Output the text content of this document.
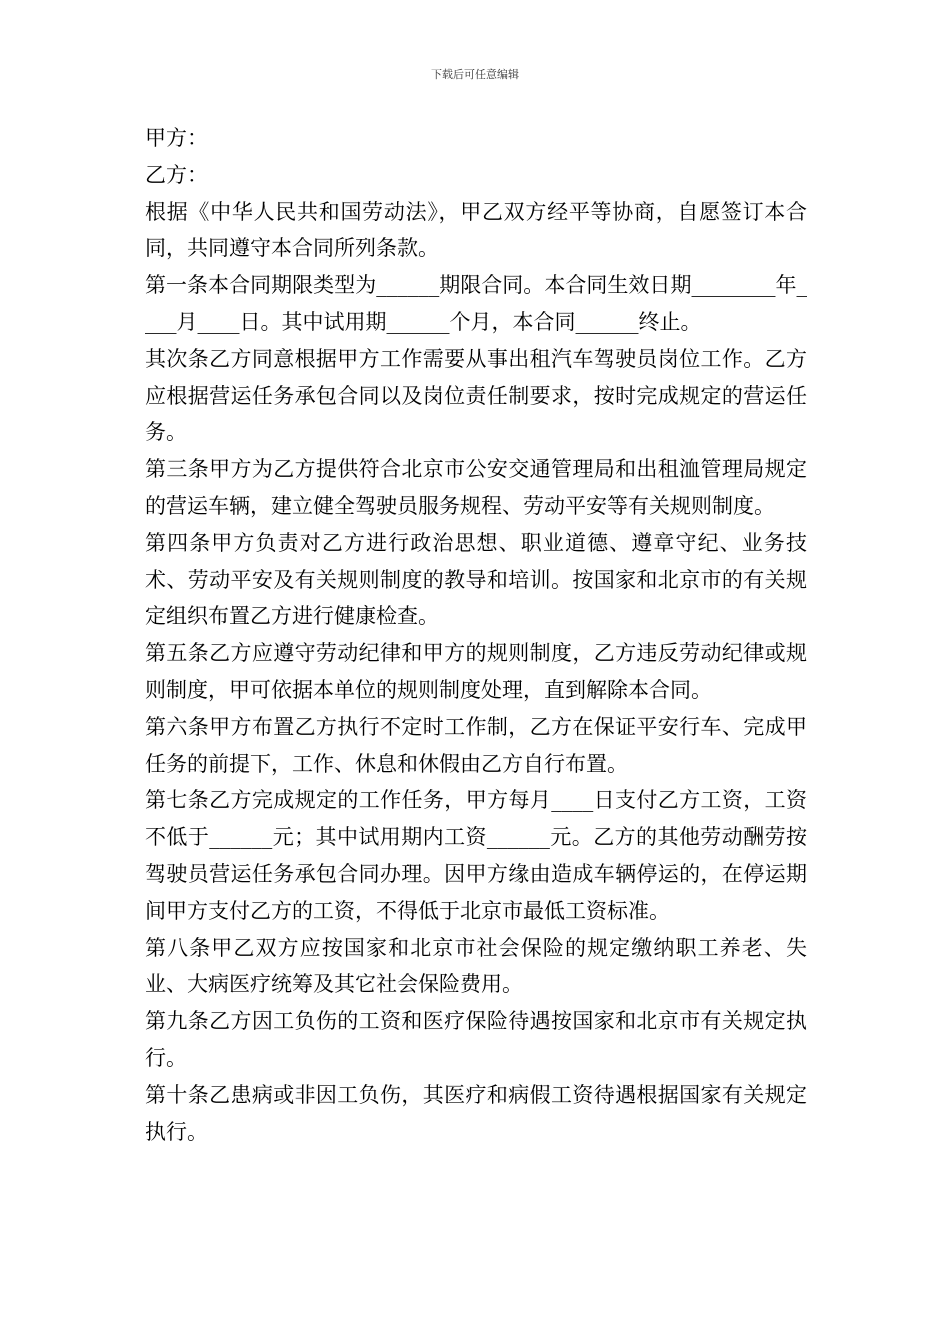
下载后可任意编辑

甲方：

乙方：

根据《中华人民共和国劳动法》，甲乙双方经平等协商，自愿签订本合同，共同遵守本合同所列条款。

第一条本合同期限类型为______期限合同。本合同生效日期________年____月____日。其中试用期______个月，本合同______终止。

其次条乙方同意根据甲方工作需要从事出租汽车驾驶员岗位工作。乙方应根据营运任务承包合同以及岗位责任制要求，按时完成规定的营运任务。

第三条甲方为乙方提供符合北京市公安交通管理局和出租洫管理局规定的营运车辆，建立健全驾驶员服务规程、劳动平安等有关规则制度。

第四条甲方负责对乙方进行政治思想、职业道德、遵章守纪、业务技术、劳动平安及有关规则制度的教导和培训。按国家和北京市的有关规定组织布置乙方进行健康检查。

第五条乙方应遵守劳动纪律和甲方的规则制度，乙方违反劳动纪律或规则制度，甲可依据本单位的规则制度处理，直到解除本合同。

第六条甲方布置乙方执行不定时工作制，乙方在保证平安行车、完成甲任务的前提下，工作、休息和休假由乙方自行布置。

第七条乙方完成规定的工作任务，甲方每月____日支付乙方工资，工资不低于______元；其中试用期内工资______元。乙方的其他劳动酬劳按驾驶员营运任务承包合同办理。因甲方缘由造成车辆停运的，在停运期间甲方支付乙方的工资，不得低于北京市最低工资标准。

第八条甲乙双方应按国家和北京市社会保险的规定缴纳职工养老、失业、大病医疗统筹及其它社会保险费用。

第九条乙方因工负伤的工资和医疗保险待遇按国家和北京市有关规定执行。

第十条乙患病或非因工负伤，其医疗和病假工资待遇根据国家有关规定执行。
